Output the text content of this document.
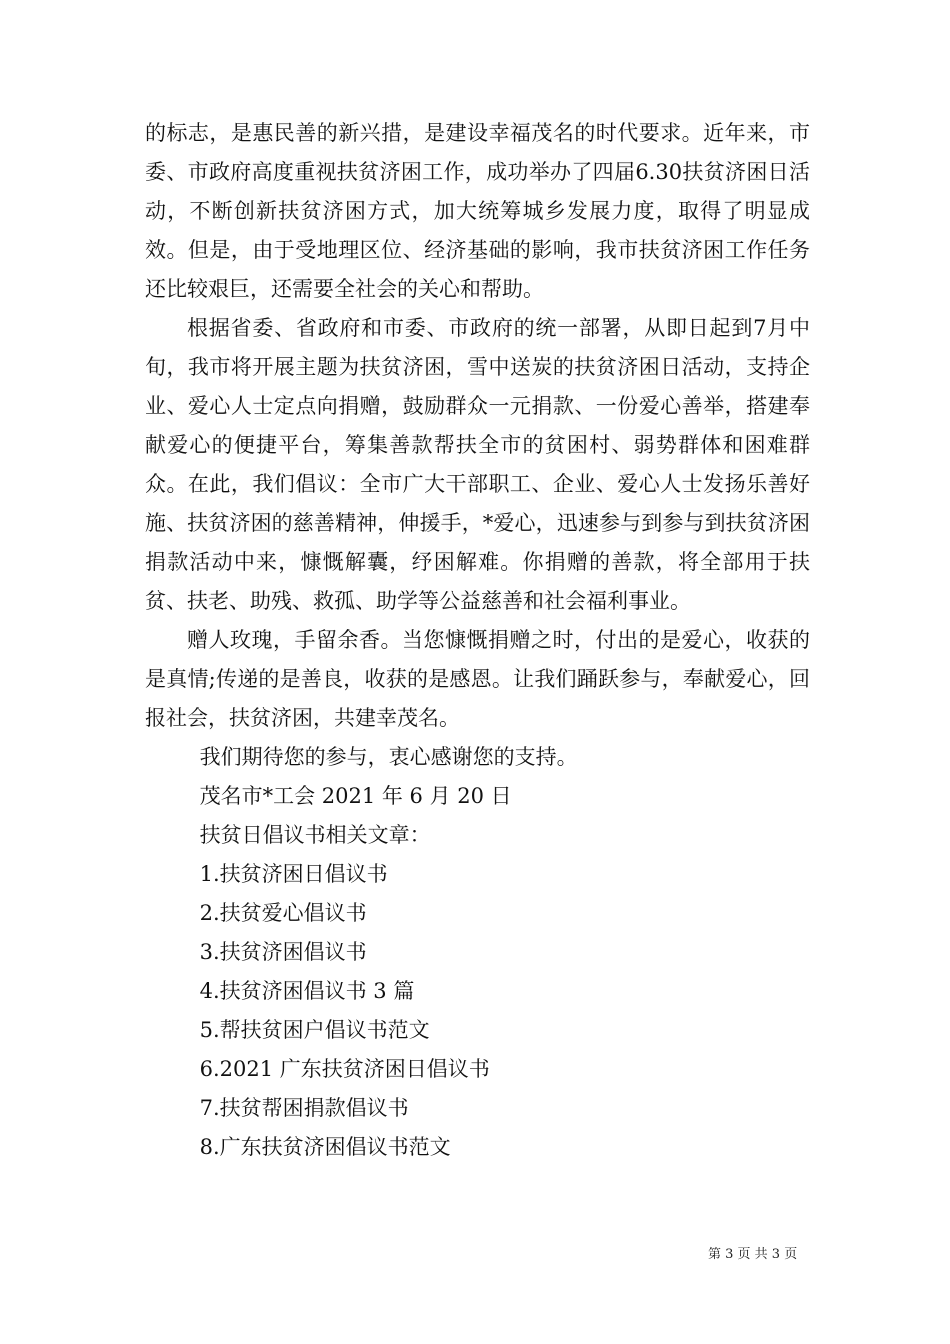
的标志，是惠民善的新兴措，是建设幸福茂名的时代要求。近年来，市委、市政府高度重视扶贫济困工作，成功举办了四届6.30扶贫济困日活动，不断创新扶贫济困方式，加大统筹城乡发展力度，取得了明显成效。但是，由于受地理区位、经济基础的影响，我市扶贫济困工作任务还比较艰巨，还需要全社会的关心和帮助。

根据省委、省政府和市委、市政府的统一部署，从即日起到7月中旬，我市将开展主题为扶贫济困，雪中送炭的扶贫济困日活动，支持企业、爱心人士定点向捐赠，鼓励群众一元捐款、一份爱心善举，搭建奉献爱心的便捷平台，筹集善款帮扶全市的贫困村、弱势群体和困难群众。在此，我们倡议：全市广大干部职工、企业、爱心人士发扬乐善好施、扶贫济困的慈善精神，伸援手，*爱心，迅速参与到参与到扶贫济困捐款活动中来，慷慨解囊，纾困解难。你捐赠的善款，将全部用于扶贫、扶老、助残、救孤、助学等公益慈善和社会福利事业。

赠人玫瑰，手留余香。当您慷慨捐赠之时，付出的是爱心，收获的是真情;传递的是善良，收获的是感恩。让我们踊跃参与，奉献爱心，回报社会，扶贫济困，共建幸茂名。

我们期待您的参与，衷心感谢您的支持。

茂名市*工会 2021 年 6 月 20 日

扶贫日倡议书相关文章：

1.扶贫济困日倡议书
2.扶贫爱心倡议书
3.扶贫济困倡议书
4.扶贫济困倡议书 3 篇
5.帮扶贫困户倡议书范文
6.2021 广东扶贫济困日倡议书
7.扶贫帮困捐款倡议书
8.广东扶贫济困倡议书范文
第 3 页 共 3 页
